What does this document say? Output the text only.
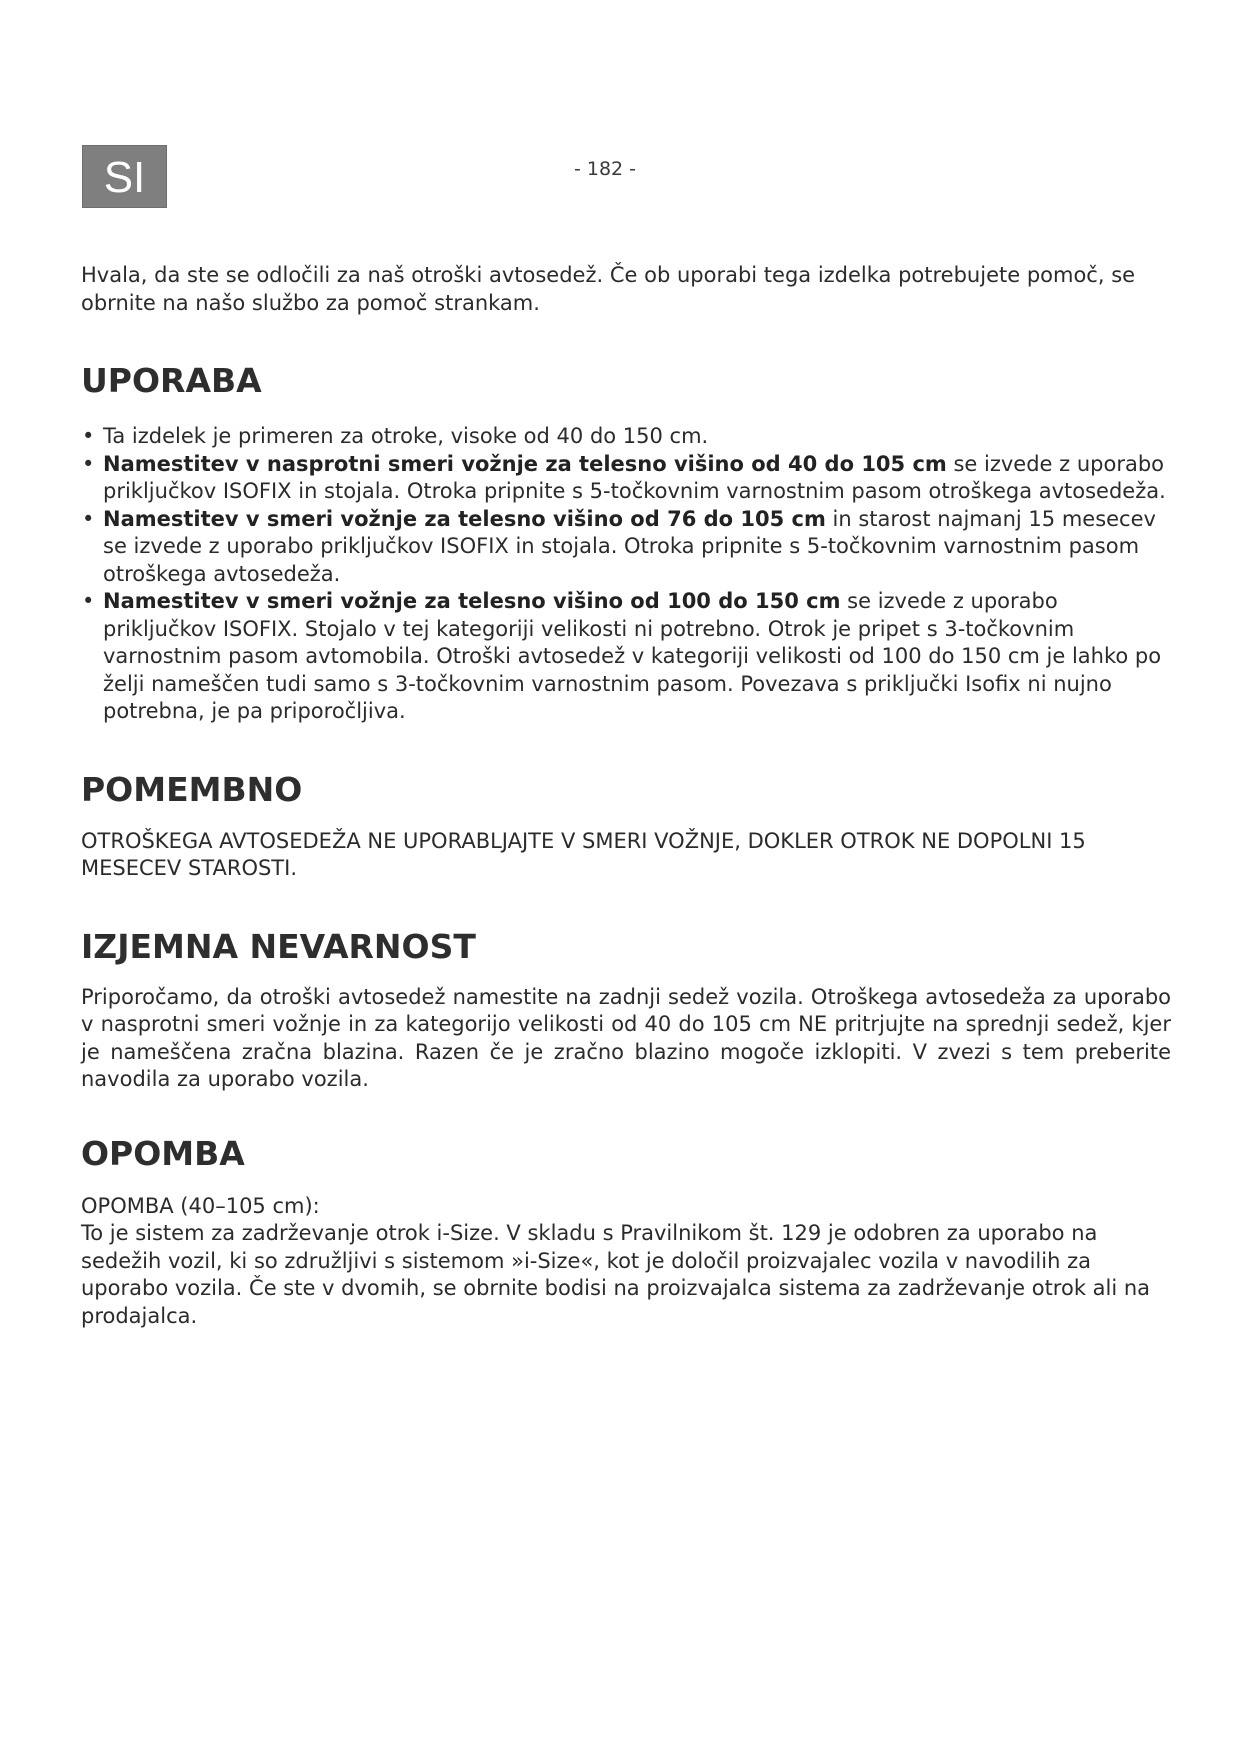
SI	- 182 -

Hvala, da ste se odločili za naš otroški avtosedež. Če ob uporabi tega izdelka potrebujete pomoč, se obrnite na našo službo za pomoč strankam.

UPORABA
• Ta izdelek je primeren za otroke, visoke od 40 do 150 cm.
• Namestitev v nasprotni smeri vožnje za telesno višino od 40 do 105 cm se izvede z uporabo priključkov ISOFIX in stojala. Otroka pripnite s 5-točkovnim varnostnim pasom otroškega avtosedeža.
• Namestitev v smeri vožnje za telesno višino od 76 do 105 cm in starost najmanj 15 mesecev se izvede z uporabo priključkov ISOFIX in stojala. Otroka pripnite s 5-točkovnim varnostnim pasom otroškega avtosedeža.
• Namestitev v smeri vožnje za telesno višino od 100 do 150 cm se izvede z uporabo priključkov ISOFIX. Stojalo v tej kategoriji velikosti ni potrebno. Otrok je pripet s 3-točkovnim varnostnim pasom avtomobila. Otroški avtosedež v kategoriji velikosti od 100 do 150 cm je lahko po želji nameščen tudi samo s 3-točkovnim varnostnim pasom. Povezava s priključki Isofix ni nujno potrebna, je pa priporočljiva.
POMEMBNO

OTROŠKEGA AVTOSEDEŽA NE UPORABLJAJTE V SMERI VOŽNJE, DOKLER OTROK NE DOPOLNI 15 MESECEV STAROSTI.

IZJEMNA NEVARNOST

Priporočamo, da otroški avtosedež namestite na zadnji sedež vozila. Otroškega avtosedeža za uporabo v nasprotni smeri vožnje in za kategorijo velikosti od 40 do 105 cm NE pritrjujte na sprednji sedež, kjer je nameščena zračna blazina. Razen če je zračno blazino mogoče izklopiti. V zvezi s tem preberite navodila za uporabo vozila.

OPOMBA

OPOMBA (40–105 cm):

To je sistem za zadrževanje otrok i-Size. V skladu s Pravilnikom št. 129 je odobren za uporabo na sedežih vozil, ki so združljivi s sistemom »i-Size«, kot je določil proizvajalec vozila v navodilih za uporabo vozila. Če ste v dvomih, se obrnite bodisi na proizvajalca sistema za zadrževanje otrok ali na prodajalca.
